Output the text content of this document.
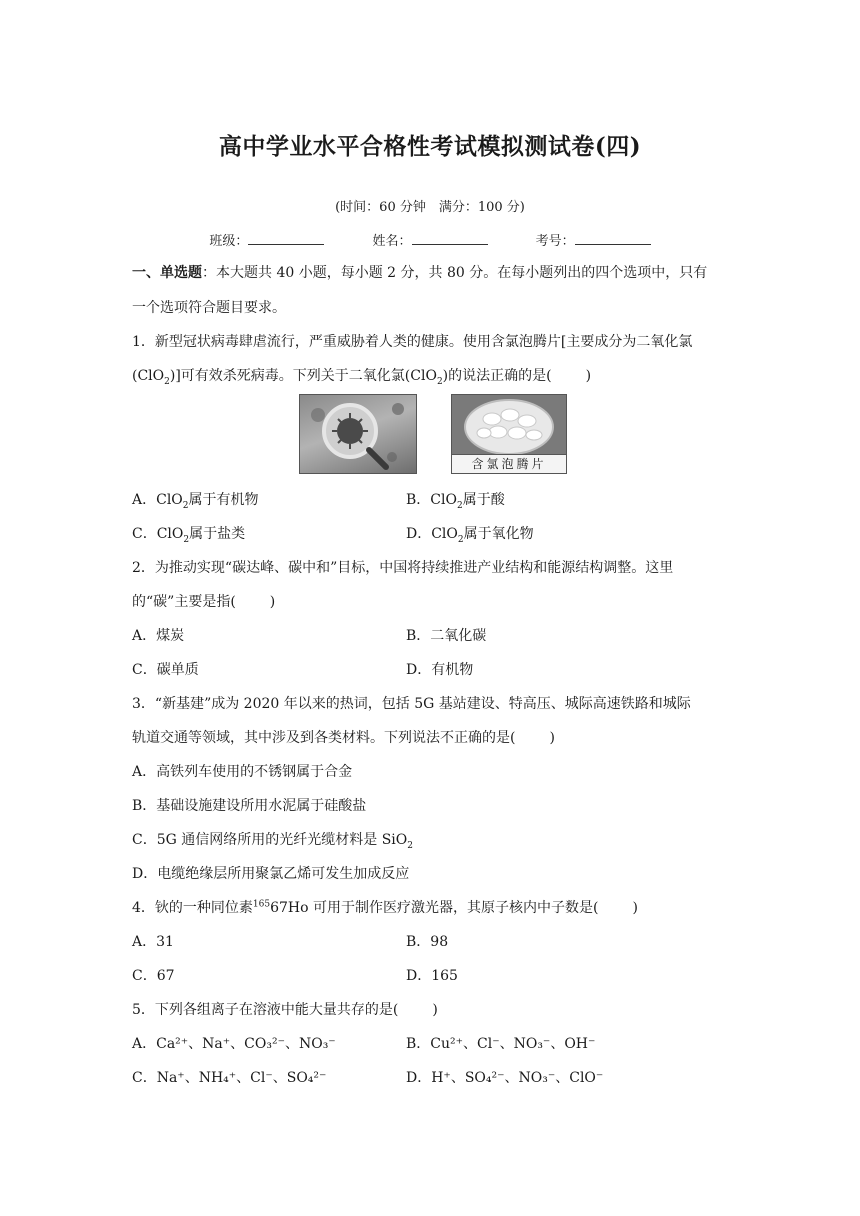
高中学业水平合格性考试模拟测试卷(四)
(时间：60 分钟　满分：100 分)
班级：	姓名：	考号：
一、单选题：本大题共 40 小题，每小题 2 分，共 80 分。在每小题列出的四个选项中，只有
一个选项符合题目要求。
1．新型冠状病毒肆虐流行，严重威胁着人类的健康。使用含氯泡腾片[主要成分为二氧化氯
(ClO$_2$)]可有效杀死病毒。下列关于二氧化氯(ClO$_2$)的说法正确的是( )
含氯泡腾片
A．ClO$_2$属于有机物	B．ClO$_2$属于酸
C．ClO$_2$属于盐类	D．ClO$_2$属于氧化物
2．为推动实现“碳达峰、碳中和”目标，中国将持续推进产业结构和能源结构调整。这里
的“碳”主要是指( )
A．煤炭	B．二氧化碳
C．碳单质	D．有机物
3．“新基建”成为 2020 年以来的热词，包括 5G 基站建设、特高压、城际高速铁路和城际
轨道交通等领域，其中涉及到各类材料。下列说法不正确的是( )
A．高铁列车使用的不锈钢属于合金
B．基础设施建设所用水泥属于硅酸盐
C．5G 通信网络所用的光纤光缆材料是 SiO$_2$
D．电缆绝缘层所用聚氯乙烯可发生加成反应
4．钬的一种同位素$^{165}$67Ho 可用于制作医疗激光器，其原子核内中子数是( )
A．31	B．98
C．67	D．165
5．下列各组离子在溶液中能大量共存的是( )
A．Ca²⁺、Na⁺、CO₃²⁻、NO₃⁻	B．Cu²⁺、Cl⁻、NO₃⁻、OH⁻
C．Na⁺、NH₄⁺、Cl⁻、SO₄²⁻	D．H⁺、SO₄²⁻、NO₃⁻、ClO⁻
